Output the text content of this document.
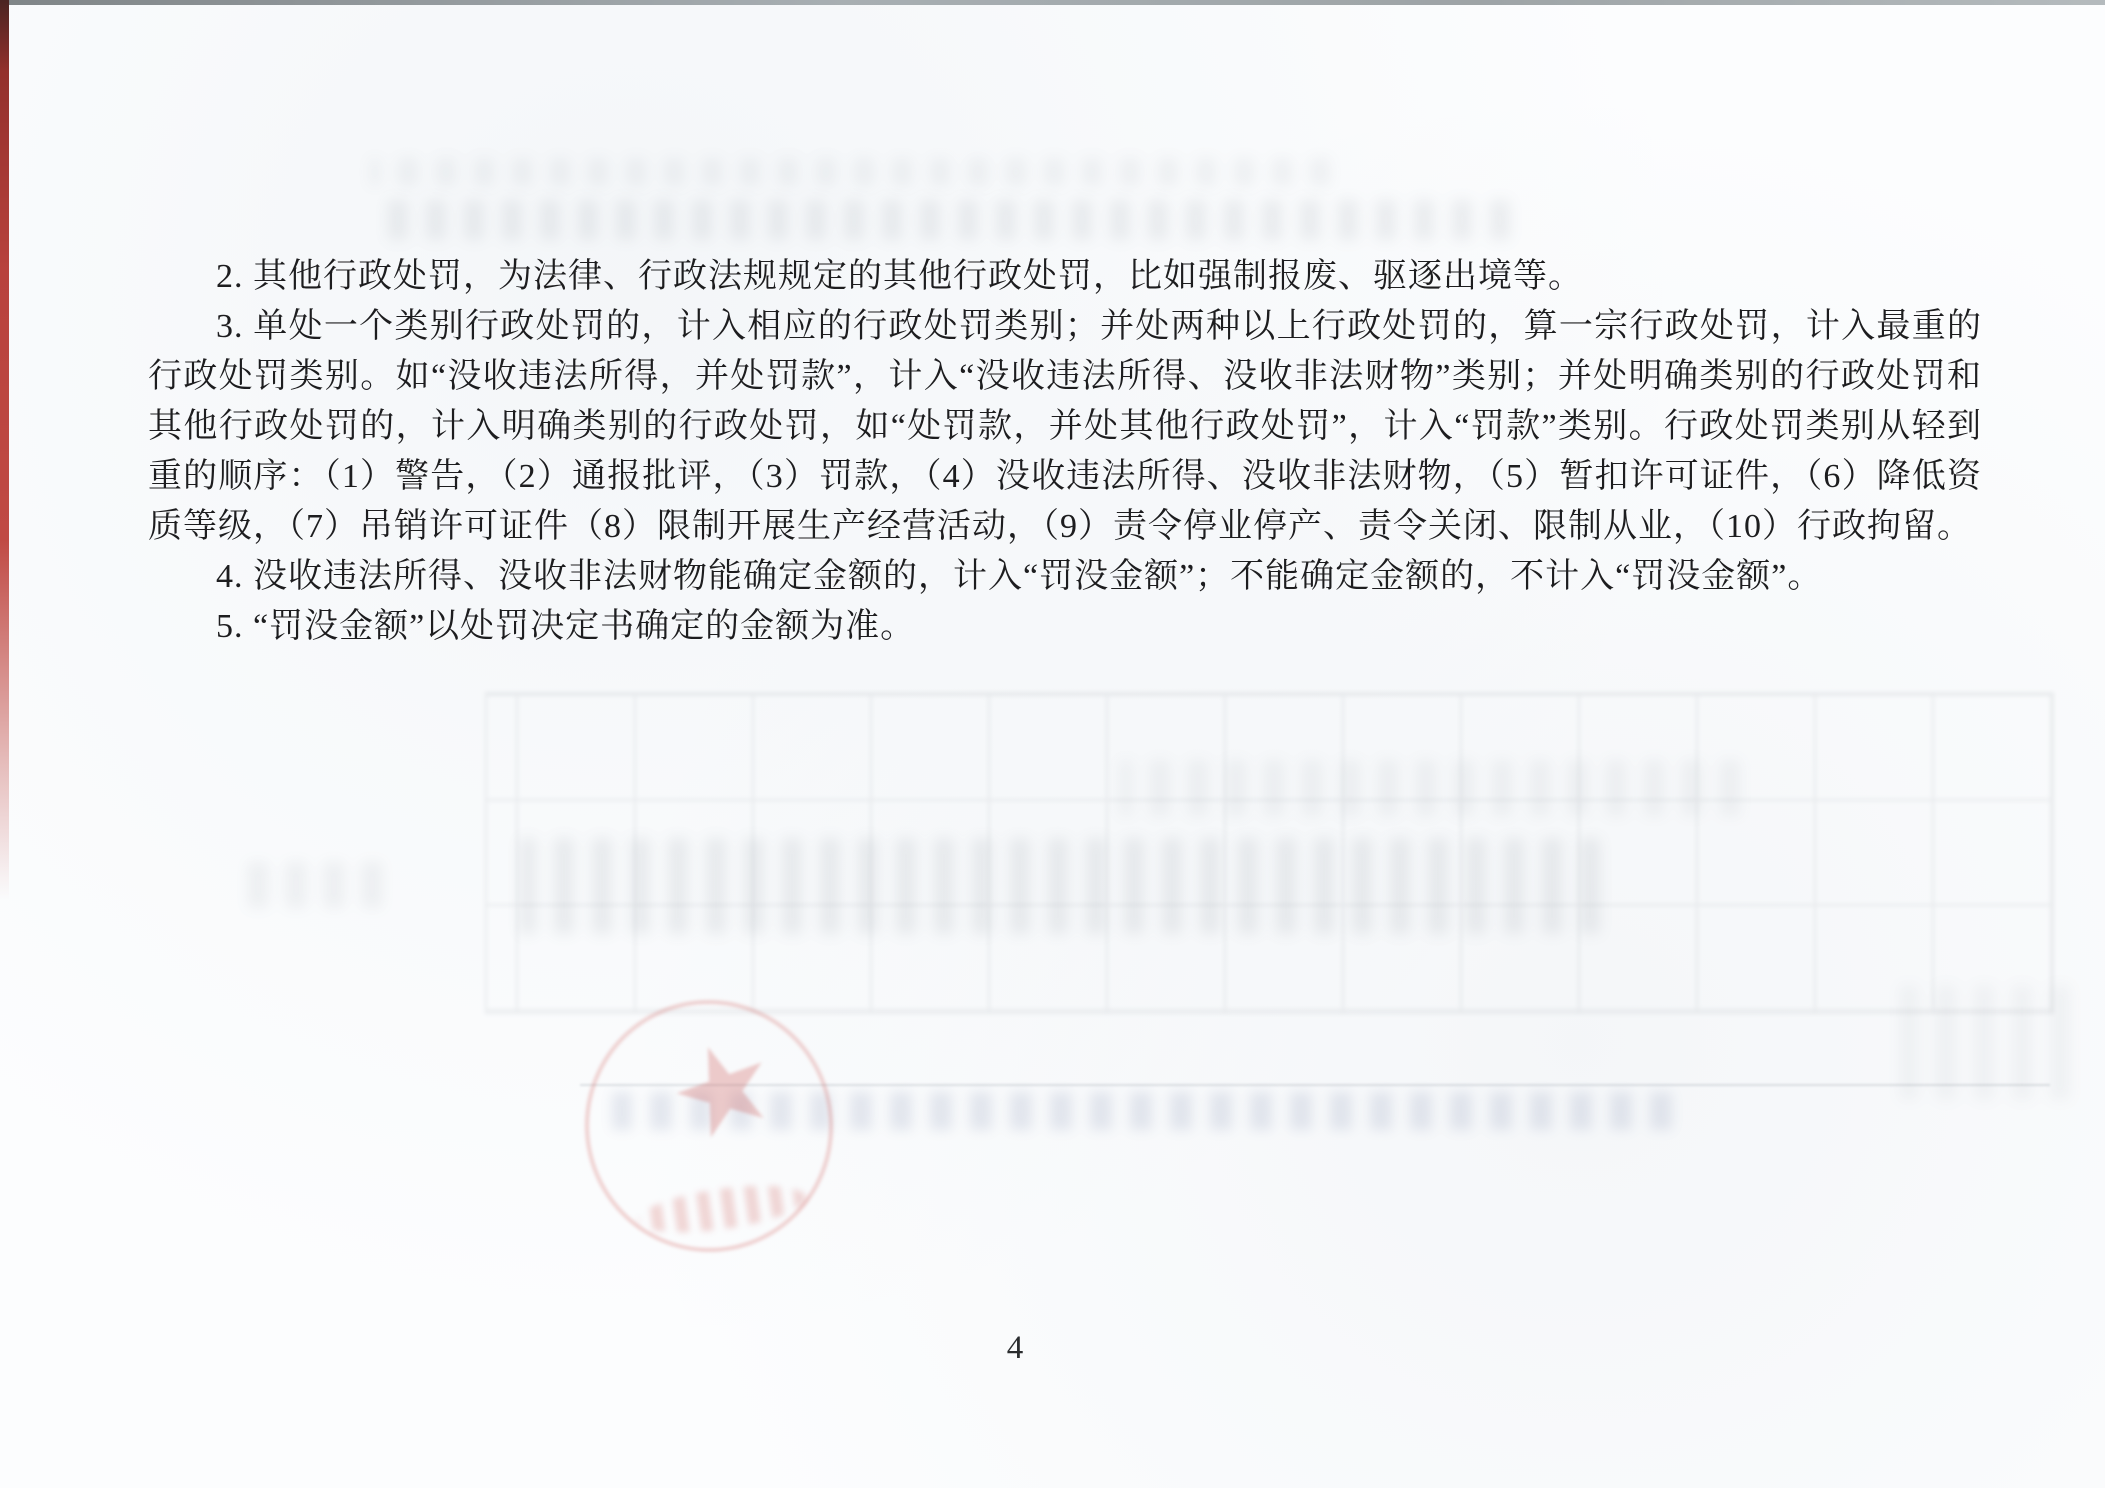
★

2. 其他行政处罚，为法律、行政法规规定的其他行政处罚，比如强制报废、驱逐出境等。

3. 单处一个类别行政处罚的，计入相应的行政处罚类别；并处两种以上行政处罚的，算一宗行政处罚，计入最重的行政处罚类别。如“没收违法所得，并处罚款”，计入“没收违法所得、没收非法财物”类别；并处明确类别的行政处罚和其他行政处罚的，计入明确类别的行政处罚，如“处罚款，并处其他行政处罚”，计入“罚款”类别。行政处罚类别从轻到重的顺序：（1）警告，（2）通报批评，（3）罚款，（4）没收违法所得、没收非法财物，（5）暂扣许可证件，（6）降低资质等级，（7）吊销许可证件（8）限制开展生产经营活动，（9）责令停业停产、责令关闭、限制从业，（10）行政拘留。

4. 没收违法所得、没收非法财物能确定金额的，计入“罚没金额”；不能确定金额的，不计入“罚没金额”。

5. “罚没金额”以处罚决定书确定的金额为准。

4
